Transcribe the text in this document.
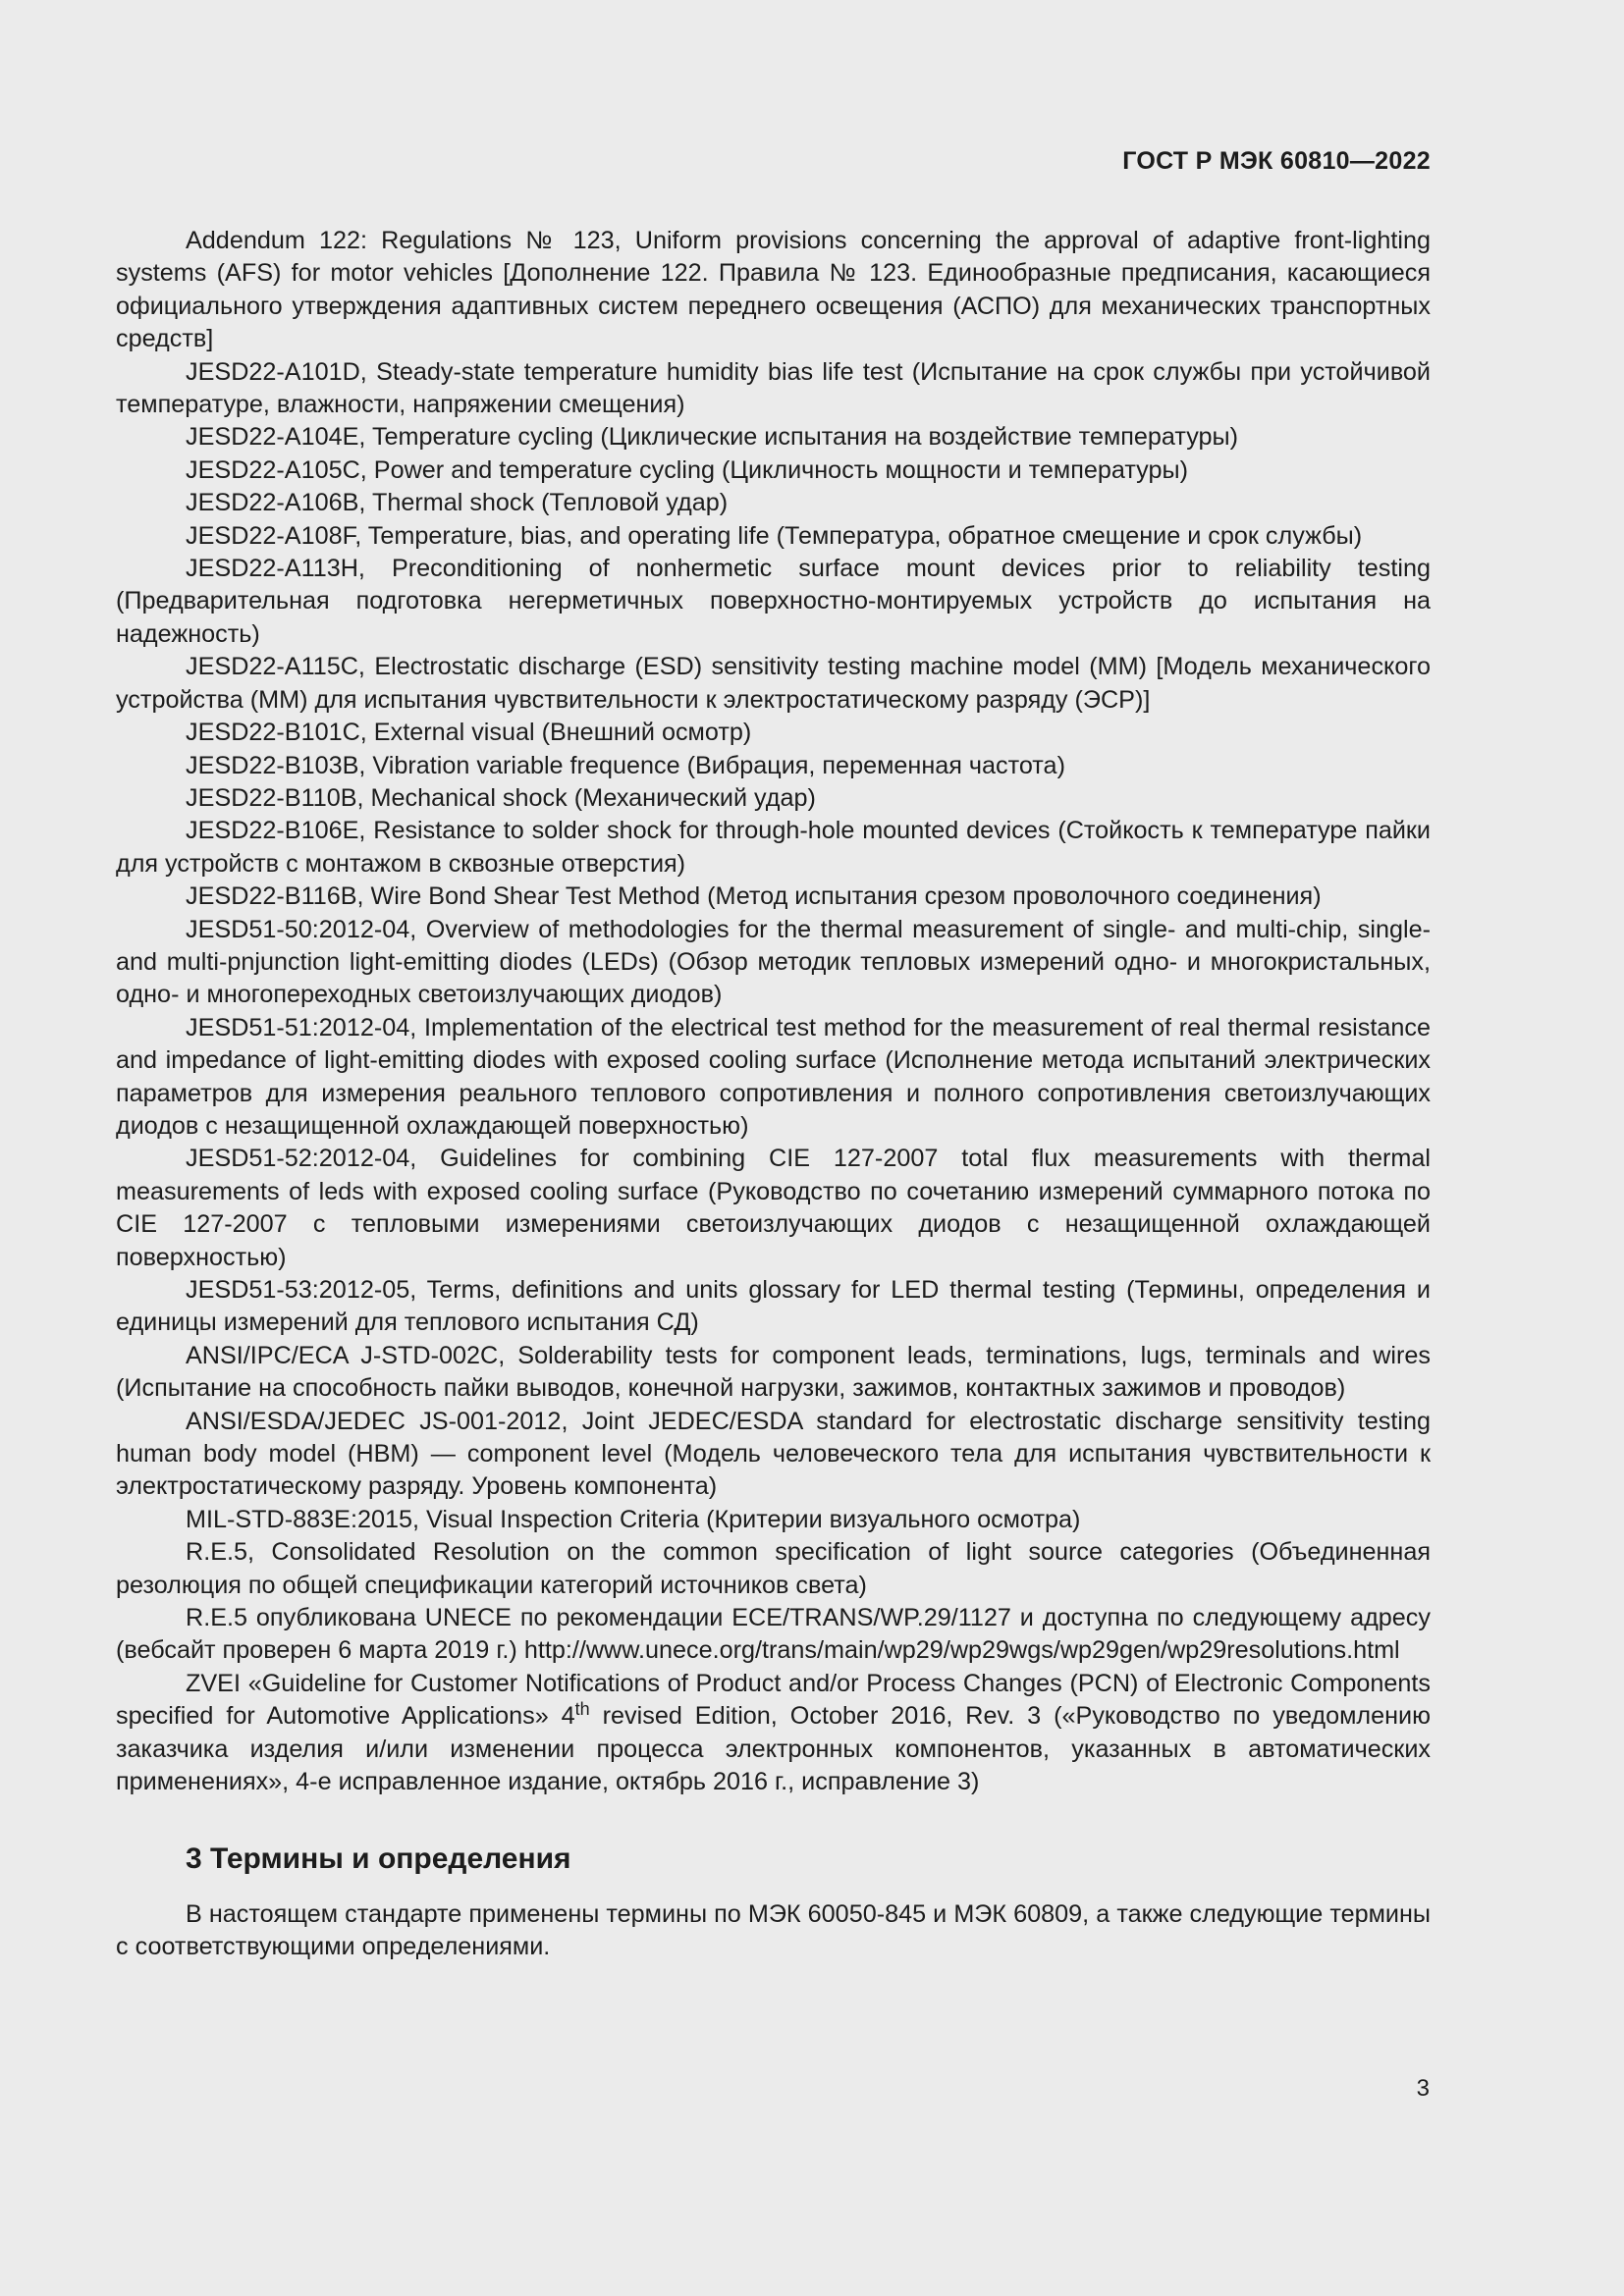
ГОСТ Р МЭК 60810—2022

Addendum 122: Regulations № 123, Uniform provisions concerning the approval of adaptive front-lighting systems (AFS) for motor vehicles [Дополнение 122. Правила № 123. Единообразные предписания, касающиеся официального утверждения адаптивных систем переднего освещения (АСПО) для механических транспортных средств]

JESD22-A101D, Steady-state temperature humidity bias life test (Испытание на срок службы при устойчивой температуре, влажности, напряжении смещения)

JESD22-A104E, Temperature cycling (Циклические испытания на воздействие температуры)

JESD22-A105C, Power and temperature cycling (Цикличность мощности и температуры)

JESD22-A106B, Thermal shock (Тепловой удар)

JESD22-A108F, Temperature, bias, and operating life (Температура, обратное смещение и срок службы)

JESD22-A113H, Preconditioning of nonhermetic surface mount devices prior to reliability testing (Предварительная подготовка негерметичных поверхностно-монтируемых устройств до испытания на надежность)

JESD22-A115C, Electrostatic discharge (ESD) sensitivity testing machine model (MM) [Модель механического устройства (MM) для испытания чувствительности к электростатическому разряду (ЭСР)]

JESD22-B101C, External visual (Внешний осмотр)

JESD22-B103B, Vibration variable frequence (Вибрация, переменная частота)

JESD22-B110B, Mechanical shock (Механический удар)

JESD22-B106E, Resistance to solder shock for through-hole mounted devices (Стойкость к температуре пайки для устройств с монтажом в сквозные отверстия)

JESD22-B116B, Wire Bond Shear Test Method (Метод испытания срезом проволочного соединения)

JESD51-50:2012-04, Overview of methodologies for the thermal measurement of single- and multi-chip, single- and multi-pnjunction light-emitting diodes (LEDs) (Обзор методик тепловых измерений одно- и многокристальных, одно- и многопереходных светоизлучающих диодов)

JESD51-51:2012-04, Implementation of the electrical test method for the measurement of real thermal resistance and impedance of light-emitting diodes with exposed cooling surface (Исполнение метода испытаний электрических параметров для измерения реального теплового сопротивления и полного сопротивления светоизлучающих диодов с незащищенной охлаждающей поверхностью)

JESD51-52:2012-04, Guidelines for combining CIE 127-2007 total flux measurements with thermal measurements of leds with exposed cooling surface (Руководство по сочетанию измерений суммарного потока по CIE 127-2007 с тепловыми измерениями светоизлучающих диодов с незащищенной охлаждающей поверхностью)

JESD51-53:2012-05, Terms, definitions and units glossary for LED thermal testing (Термины, определения и единицы измерений для теплового испытания СД)

ANSI/IPC/ECA J-STD-002C, Solderability tests for component leads, terminations, lugs, terminals and wires (Испытание на способность пайки выводов, конечной нагрузки, зажимов, контактных зажимов и проводов)

ANSI/ESDA/JEDEC JS-001-2012, Joint JEDEC/ESDA standard for electrostatic discharge sensitivity testing human body model (HBM) — component level (Модель человеческого тела для испытания чувствительности к электростатическому разряду. Уровень компонента)

MIL-STD-883E:2015, Visual Inspection Criteria (Критерии визуального осмотра)

R.E.5, Consolidated Resolution on the common specification of light source categories (Объединенная резолюция по общей спецификации категорий источников света)

R.E.5 опубликована UNECE по рекомендации ECE/TRANS/WP.29/1127 и доступна по следующему адресу (вебсайт проверен 6 марта 2019 г.) http://www.unece.org/trans/main/wp29/wp29wgs/wp29gen/wp29resolutions.html

ZVEI «Guideline for Customer Notifications of Product and/or Process Changes (PCN) of Electronic Components specified for Automotive Applications» 4th revised Edition, October 2016, Rev. 3 («Руководство по уведомлению заказчика изделия и/или изменении процесса электронных компонентов, указанных в автоматических применениях», 4-е исправленное издание, октябрь 2016 г., исправление 3)

3 Термины и определения

В настоящем стандарте применены термины по МЭК 60050-845 и МЭК 60809, а также следующие термины с соответствующими определениями.

3
